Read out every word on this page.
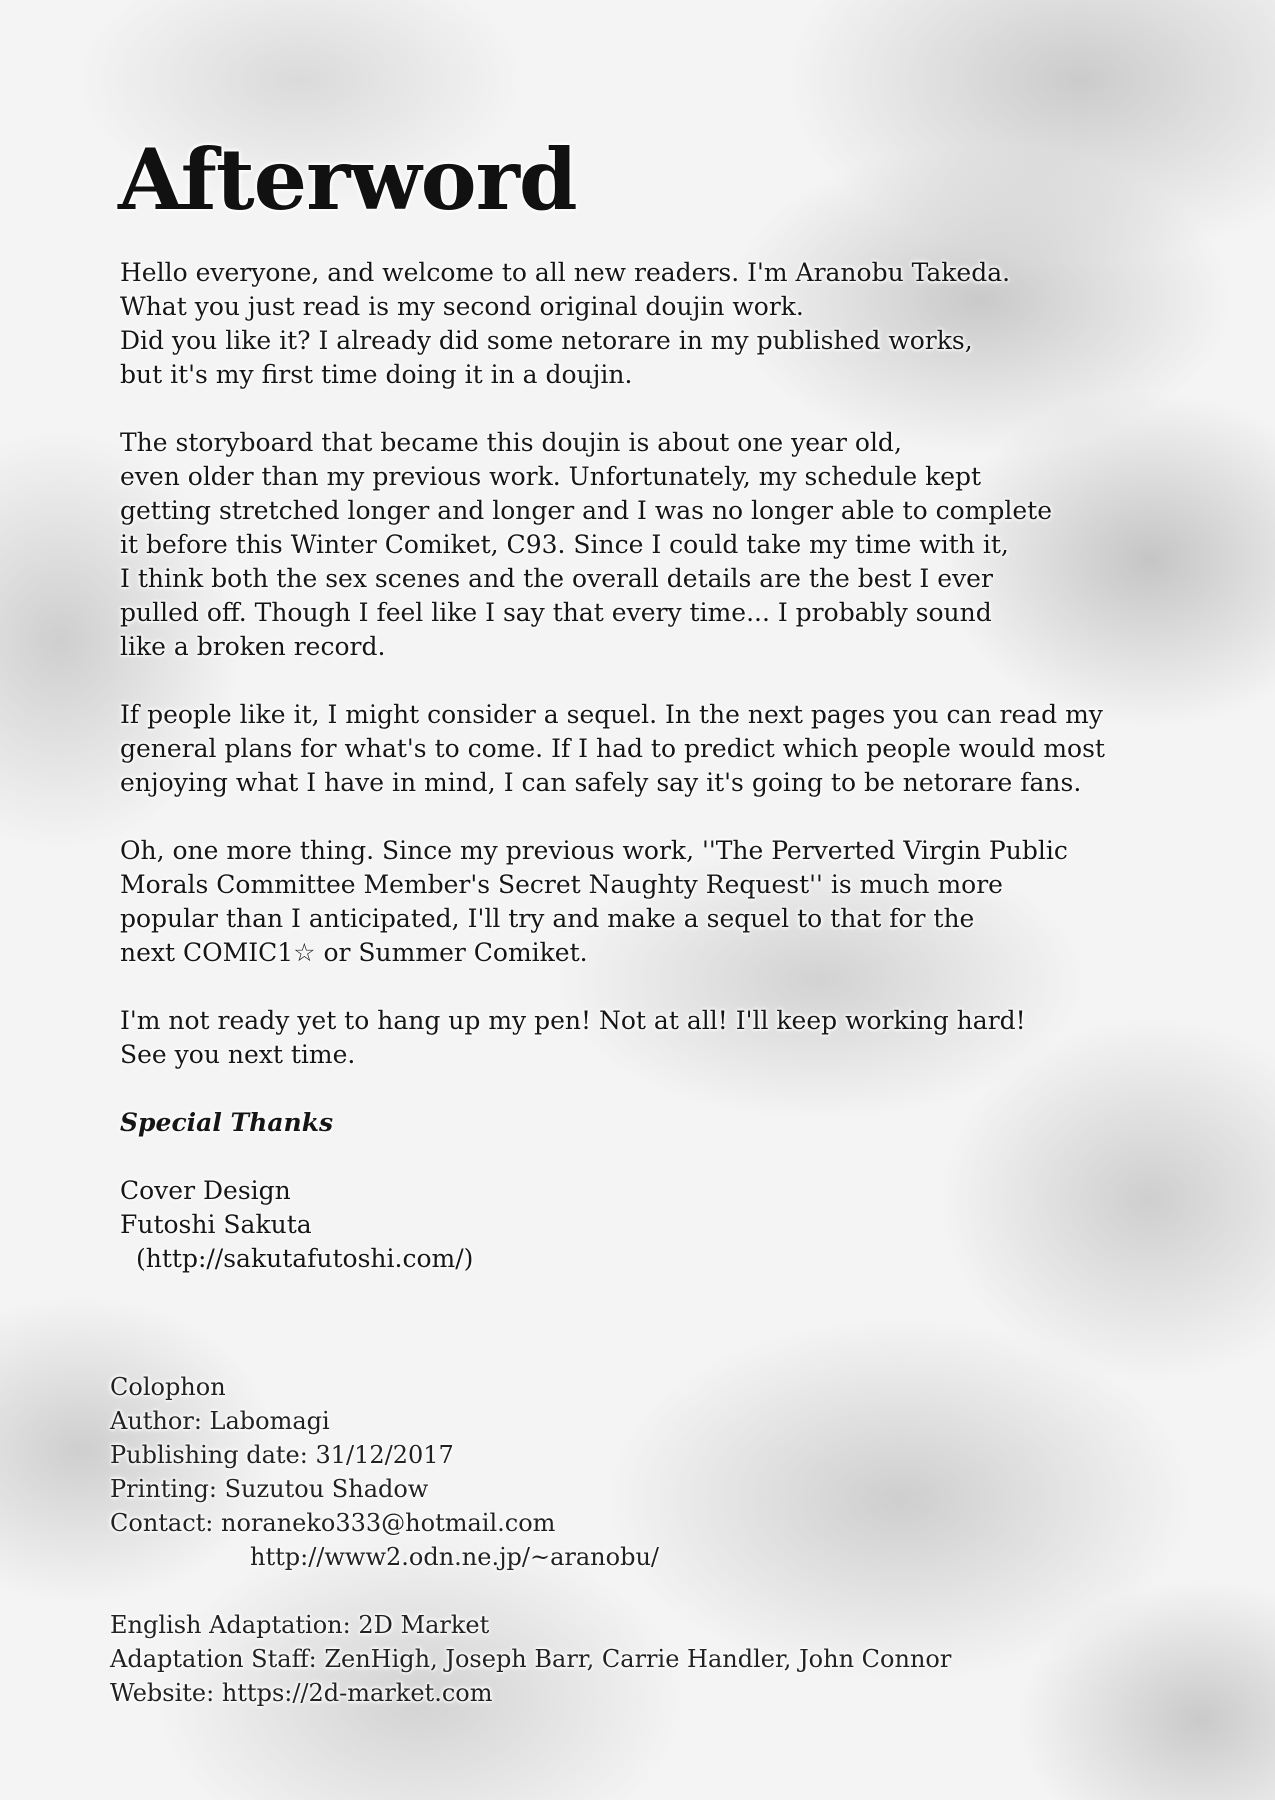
Afterword

Hello everyone, and welcome to all new readers. I'm Aranobu Takeda.
What you just read is my second original doujin work.
Did you like it? I already did some netorare in my published works,
but it's my first time doing it in a doujin.

The storyboard that became this doujin is about one year old,
even older than my previous work. Unfortunately, my schedule kept
getting stretched longer and longer and I was no longer able to complete
it before this Winter Comiket, C93. Since I could take my time with it,
I think both the sex scenes and the overall details are the best I ever
pulled off. Though I feel like I say that every time... I probably sound
like a broken record.

If people like it, I might consider a sequel. In the next pages you can read my
general plans for what's to come. If I had to predict which people would most
enjoying what I have in mind, I can safely say it's going to be netorare fans.

Oh, one more thing. Since my previous work, ''The Perverted Virgin Public
Morals Committee Member's Secret Naughty Request'' is much more
popular than I anticipated, I'll try and make a sequel to that for the
next COMIC1☆ or Summer Comiket.

I'm not ready yet to hang up my pen! Not at all! I'll keep working hard!
See you next time.

Special Thanks

Cover Design
Futoshi Sakuta
(http://sakutafutoshi.com/)

Colophon
Author: Labomagi
Publishing date: 31/12/2017
Printing: Suzutou Shadow
Contact: noraneko333@hotmail.com
http://www2.odn.ne.jp/~aranobu/
English Adaptation: 2D Market
Adaptation Staff: ZenHigh, Joseph Barr, Carrie Handler, John Connor
Website: https://2d-market.com
